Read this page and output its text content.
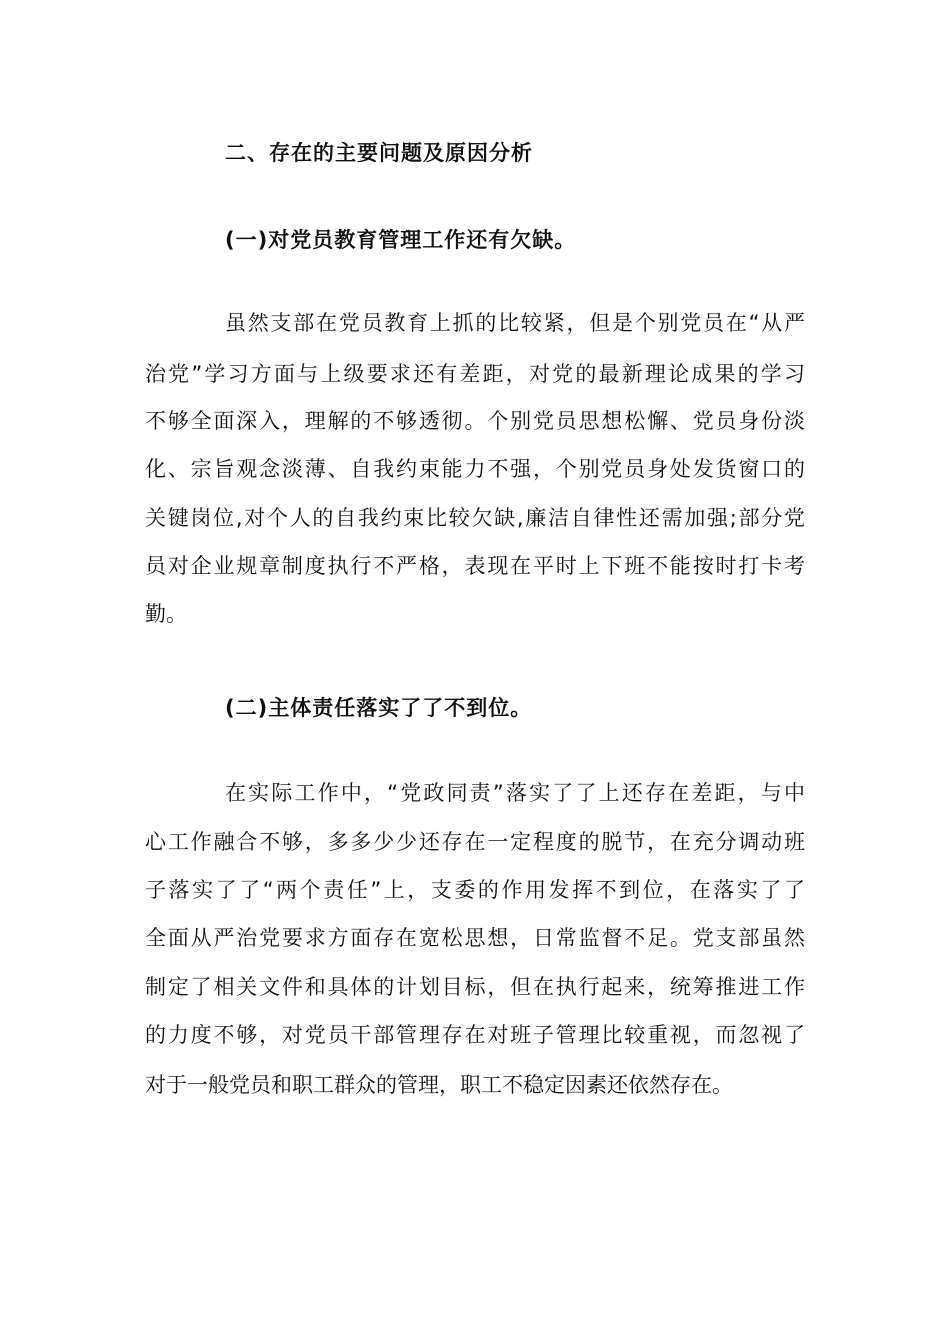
二、存在的主要问题及原因分析
(一)对党员教育管理工作还有欠缺。
虽然支部在党员教育上抓的比较紧，但是个别党员在“从严
治党”学习方面与上级要求还有差距，对党的最新理论成果的学习
不够全面深入，理解的不够透彻。个别党员思想松懈、党员身份淡
化、宗旨观念淡薄、自我约束能力不强，个别党员身处发货窗口的
关键岗位,对个人的自我约束比较欠缺,廉洁自律性还需加强;部分党
员对企业规章制度执行不严格，表现在平时上下班不能按时打卡考
勤。
(二)主体责任落实了了不到位。
在实际工作中，“党政同责”落实了了上还存在差距，与中
心工作融合不够，多多少少还存在一定程度的脱节，在充分调动班
子落实了了“两个责任”上，支委的作用发挥不到位，在落实了了
全面从严治党要求方面存在宽松思想，日常监督不足。党支部虽然
制定了相关文件和具体的计划目标，但在执行起来，统筹推进工作
的力度不够，对党员干部管理存在对班子管理比较重视，而忽视了
对于一般党员和职工群众的管理，职工不稳定因素还依然存在。
